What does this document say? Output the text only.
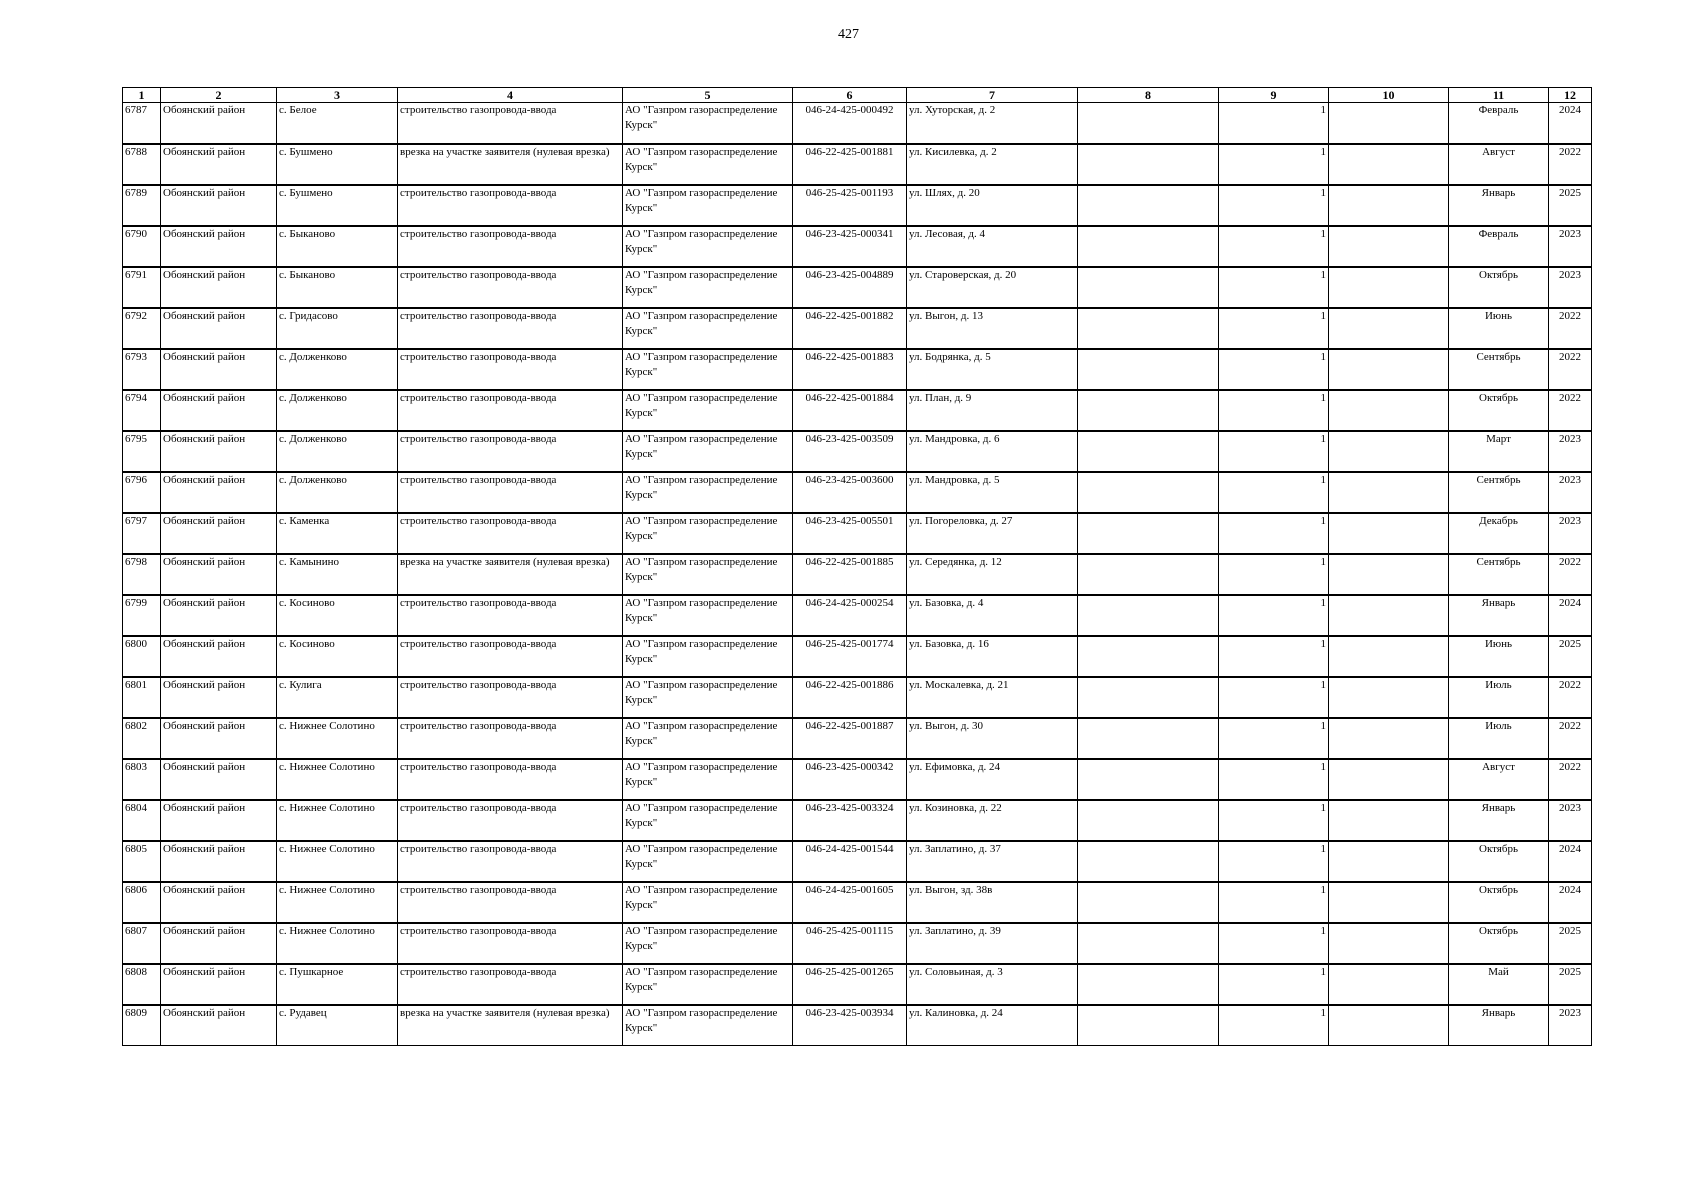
427
1	2	3	4	5	6	7	8	9	10	11	12
6787	Обоянский район	с. Белое	строительство газопровода-ввода	АО "Газпром газораспределение Курск"	046-24-425-000492	ул. Хуторская, д. 2		1		Февраль	2024
6788	Обоянский район	с. Бушмено	врезка на участке заявителя (нулевая врезка)	АО "Газпром газораспределение Курск"	046-22-425-001881	ул. Кисилевка, д. 2		1		Август	2022
6789	Обоянский район	с. Бушмено	строительство газопровода-ввода	АО "Газпром газораспределение Курск"	046-25-425-001193	ул. Шлях, д. 20		1		Январь	2025
6790	Обоянский район	с. Быканово	строительство газопровода-ввода	АО "Газпром газораспределение Курск"	046-23-425-000341	ул. Лесовая, д. 4		1		Февраль	2023
6791	Обоянский район	с. Быканово	строительство газопровода-ввода	АО "Газпром газораспределение Курск"	046-23-425-004889	ул. Староверская, д. 20		1		Октябрь	2023
6792	Обоянский район	с. Гридасово	строительство газопровода-ввода	АО "Газпром газораспределение Курск"	046-22-425-001882	ул. Выгон, д. 13		1		Июнь	2022
6793	Обоянский район	с. Долженково	строительство газопровода-ввода	АО "Газпром газораспределение Курск"	046-22-425-001883	ул. Бодрянка, д. 5		1		Сентябрь	2022
6794	Обоянский район	с. Долженково	строительство газопровода-ввода	АО "Газпром газораспределение Курск"	046-22-425-001884	ул. План, д. 9		1		Октябрь	2022
6795	Обоянский район	с. Долженково	строительство газопровода-ввода	АО "Газпром газораспределение Курск"	046-23-425-003509	ул. Мандровка, д. 6		1		Март	2023
6796	Обоянский район	с. Долженково	строительство газопровода-ввода	АО "Газпром газораспределение Курск"	046-23-425-003600	ул. Мандровка, д. 5		1		Сентябрь	2023
6797	Обоянский район	с. Каменка	строительство газопровода-ввода	АО "Газпром газораспределение Курск"	046-23-425-005501	ул. Погореловка, д. 27		1		Декабрь	2023
6798	Обоянский район	с. Камынино	врезка на участке заявителя (нулевая врезка)	АО "Газпром газораспределение Курск"	046-22-425-001885	ул. Середянка, д. 12		1		Сентябрь	2022
6799	Обоянский район	с. Косиново	строительство газопровода-ввода	АО "Газпром газораспределение Курск"	046-24-425-000254	ул. Базовка, д. 4		1		Январь	2024
6800	Обоянский район	с. Косиново	строительство газопровода-ввода	АО "Газпром газораспределение Курск"	046-25-425-001774	ул. Базовка, д. 16		1		Июнь	2025
6801	Обоянский район	с. Кулига	строительство газопровода-ввода	АО "Газпром газораспределение Курск"	046-22-425-001886	ул. Москалевка, д. 21		1		Июль	2022
6802	Обоянский район	с. Нижнее Солотино	строительство газопровода-ввода	АО "Газпром газораспределение Курск"	046-22-425-001887	ул. Выгон, д. 30		1		Июль	2022
6803	Обоянский район	с. Нижнее Солотино	строительство газопровода-ввода	АО "Газпром газораспределение Курск"	046-23-425-000342	ул. Ефимовка, д. 24		1		Август	2022
6804	Обоянский район	с. Нижнее Солотино	строительство газопровода-ввода	АО "Газпром газораспределение Курск"	046-23-425-003324	ул. Козиновка, д. 22		1		Январь	2023
6805	Обоянский район	с. Нижнее Солотино	строительство газопровода-ввода	АО "Газпром газораспределение Курск"	046-24-425-001544	ул. Заплатино, д. 37		1		Октябрь	2024
6806	Обоянский район	с. Нижнее Солотино	строительство газопровода-ввода	АО "Газпром газораспределение Курск"	046-24-425-001605	ул. Выгон, зд. 38в		1		Октябрь	2024
6807	Обоянский район	с. Нижнее Солотино	строительство газопровода-ввода	АО "Газпром газораспределение Курск"	046-25-425-001115	ул. Заплатино, д. 39		1		Октябрь	2025
6808	Обоянский район	с. Пушкарное	строительство газопровода-ввода	АО "Газпром газораспределение Курск"	046-25-425-001265	ул. Соловьиная, д. 3		1		Май	2025
6809	Обоянский район	с. Рудавец	врезка на участке заявителя (нулевая врезка)	АО "Газпром газораспределение Курск"	046-23-425-003934	ул. Калиновка, д. 24		1		Январь	2023
